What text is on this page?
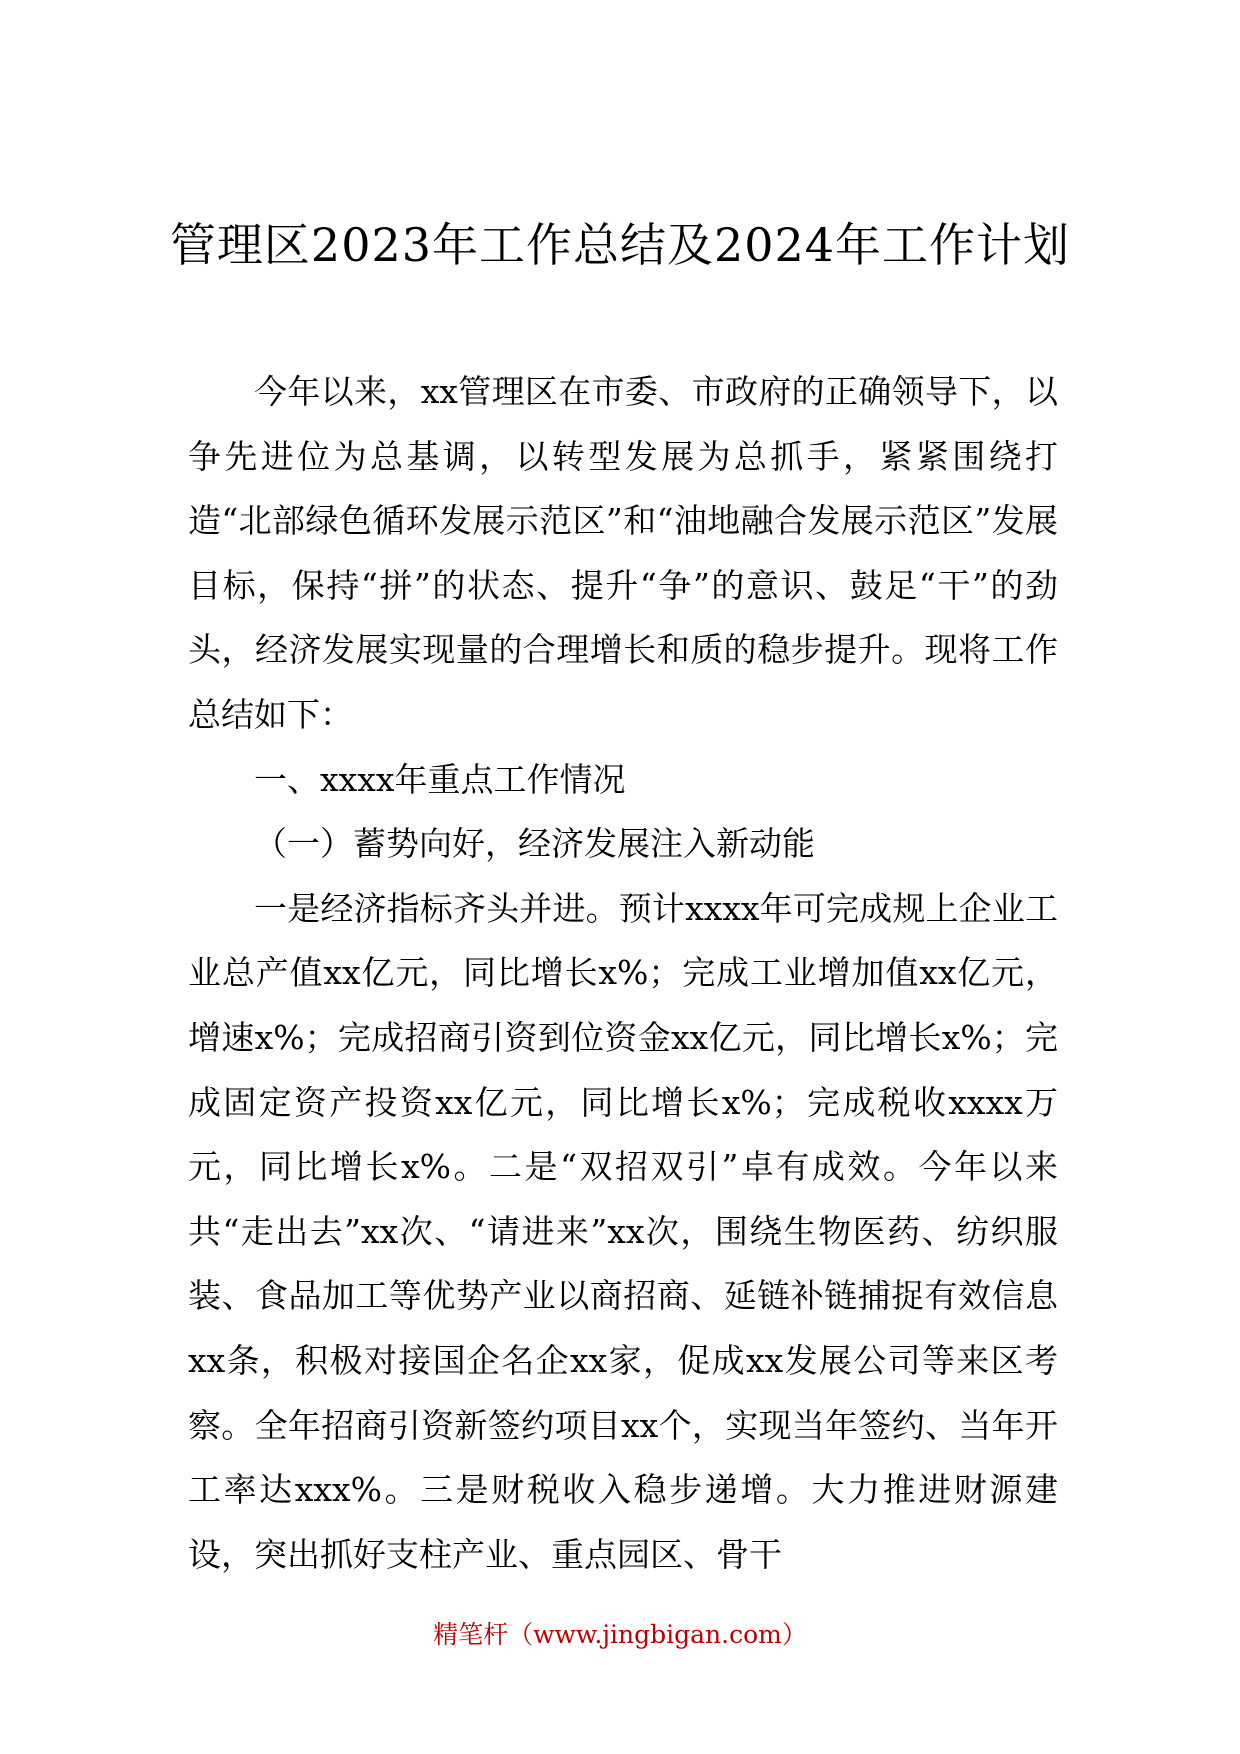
管理区2023年工作总结及2024年工作计划

今年以来，xx管理区在市委、市政府的正确领导下，以争先进位为总基调，以转型发展为总抓手，紧紧围绕打造“北部绿色循环发展示范区”和“油地融合发展示范区”发展目标，保持“拼”的状态、提升“争”的意识、鼓足“干”的劲头，经济发展实现量的合理增长和质的稳步提升。现将工作总结如下：

一、xxxx年重点工作情况

（一）蓄势向好，经济发展注入新动能

一是经济指标齐头并进。预计xxxx年可完成规上企业工业总产值xx亿元，同比增长x%；完成工业增加值xx亿元，增速x%；完成招商引资到位资金xx亿元，同比增长x%；完成固定资产投资xx亿元，同比增长x%；完成税收xxxx万元，同比增长x%。二是“双招双引”卓有成效。今年以来共“走出去”xx次、“请进来”xx次，围绕生物医药、纺织服装、食品加工等优势产业以商招商、延链补链捕捉有效信息xx条，积极对接国企名企xx家，促成xx发展公司等来区考察。全年招商引资新签约项目xx个，实现当年签约、当年开工率达xxx%。三是财税收入稳步递增。大力推进财源建设，突出抓好支柱产业、重点园区、骨干

精笔杆（www.jingbigan.com）
